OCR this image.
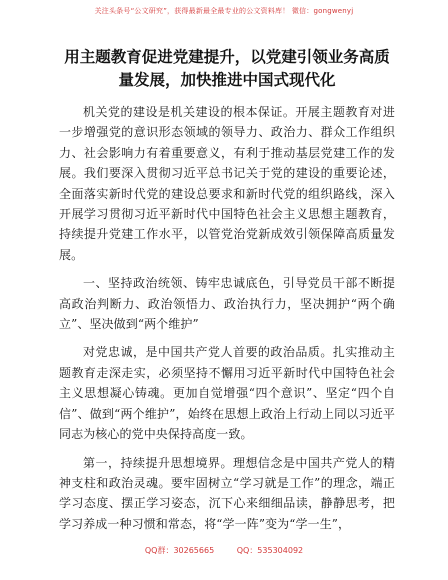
关注头条号“公文研究”，获得最新最全最专业的公文资料库！ 微信：gongwenyj
用主题教育促进党建提升，以党建引领业务高质量发展，加快推进中国式现代化

机关党的建设是机关建设的根本保证。开展主题教育对进一步增强党的意识形态领域的领导力、政治力、群众工作组织力、社会影响力有着重要意义，有利于推动基层党建工作的发展。我们要深入贯彻习近平总书记关于党的建设的重要论述，全面落实新时代党的建设总要求和新时代党的组织路线，深入开展学习贯彻习近平新时代中国特色社会主义思想主题教育，持续提升党建工作水平，以管党治党新成效引领保障高质量发展。

一、坚持政治统领、铸牢忠诚底色，引导党员干部不断提高政治判断力、政治领悟力、政治执行力，坚决拥护“两个确立”、坚决做到“两个维护”

对党忠诚，是中国共产党人首要的政治品质。扎实推动主题教育走深走实，必须坚持不懈用习近平新时代中国特色社会主义思想凝心铸魂。更加自觉增强“四个意识”、坚定“四个自信”、做到“两个维护”，始终在思想上政治上行动上同以习近平同志为核心的党中央保持高度一致。

第一，持续提升思想境界。理想信念是中国共产党人的精神支柱和政治灵魂。要牢固树立“学习就是工作”的理念，端正学习态度、摆正学习姿态，沉下心来细细品读，静静思考，把学习养成一种习惯和常态，将“学一阵”变为“学一生”，

QQ群：30265665	QQ：535304092
